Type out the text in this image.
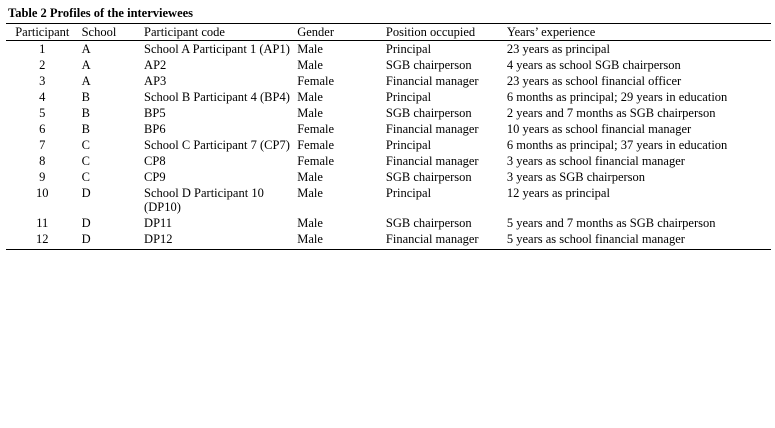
Table 2 Profiles of the interviewees
Participant	School	Participant code	Gender	Position occupied	Years’ experience
1	A	School A Participant 1 (AP1)	Male	Principal	23 years as principal
2	A	AP2	Male	SGB chairperson	4 years as school SGB chairperson
3	A	AP3	Female	Financial manager	23 years as school financial officer
4	B	School B Participant 4 (BP4)	Male	Principal	6 months as principal; 29 years in education
5	B	BP5	Male	SGB chairperson	2 years and 7 months as SGB chairperson
6	B	BP6	Female	Financial manager	10 years as school financial manager
7	C	School C Participant 7 (CP7)	Female	Principal	6 months as principal; 37 years in education
8	C	CP8	Female	Financial manager	3 years as school financial manager
9	C	CP9	Male	SGB chairperson	3 years as SGB chairperson
10	D	School D Participant 10 (DP10)	Male	Principal	12 years as principal
11	D	DP11	Male	SGB chairperson	5 years and 7 months as SGB chairperson
12	D	DP12	Male	Financial manager	5 years as school financial manager
